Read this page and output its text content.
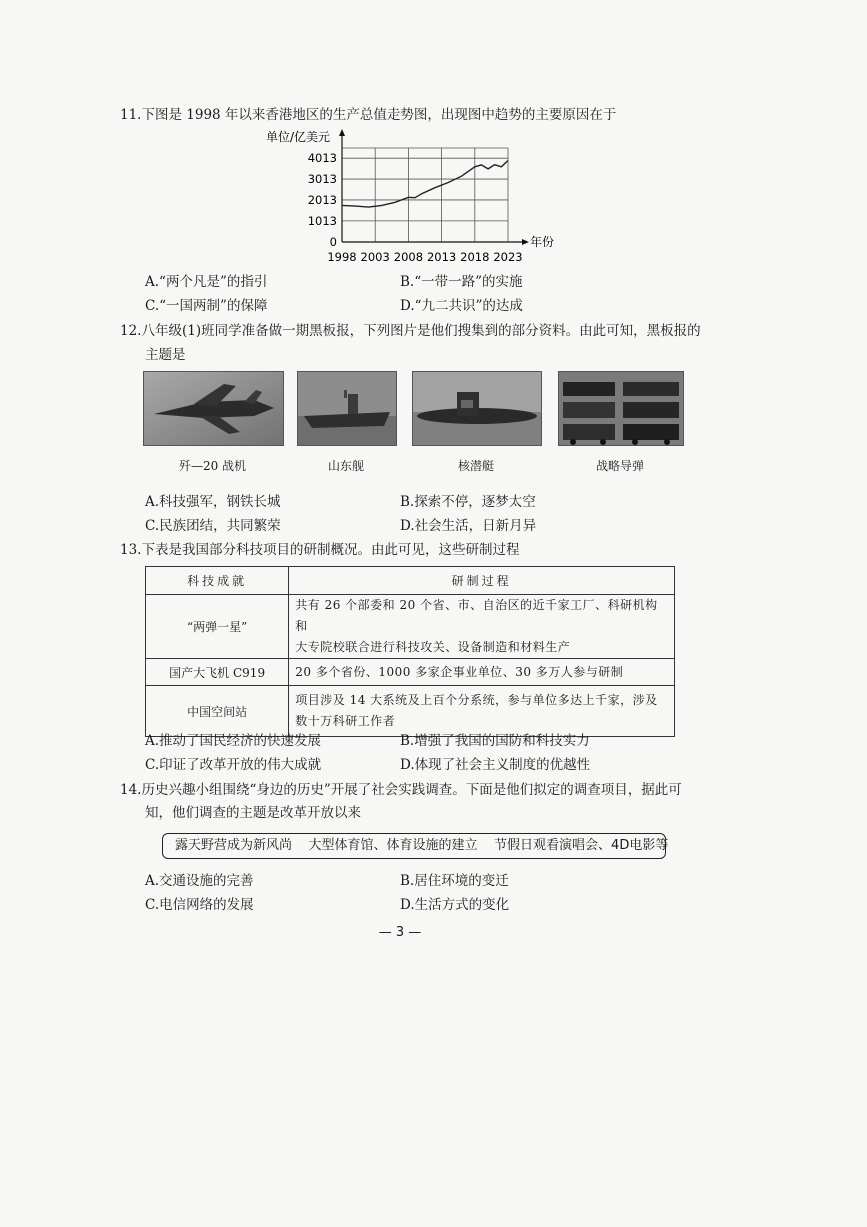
11.下图是 1998 年以来香港地区的生产总值走势图，出现图中趋势的主要原因在于
0
1013
2013
3013
4013
1998 2003 2008 2013 2018 2023
单位/亿美元
年份
A.“两个凡是”的指引	B.“一带一路”的实施
C.“一国两制”的保障	D.“九二共识”的达成
12.八年级(1)班同学准备做一期黑板报，下列图片是他们搜集到的部分资料。由此可知，黑板报的
主题是
歼—20 战机	山东舰	核潜艇	战略导弹
A.科技强军，钢铁长城	B.探索不停，逐梦太空
C.民族团结，共同繁荣	D.社会生活，日新月异
13.下表是我国部分科技项目的研制概况。由此可见，这些研制过程
科技成就	研制过程
“两弹一星”	共有 26 个部委和 20 个省、市、自治区的近千家工厂、科研机构和
大专院校联合进行科技攻关、设备制造和材料生产

国产大飞机 C919	20 多个省份、1000 多家企事业单位、30 多万人参与研制

中国空间站	项目涉及 14 大系统及上百个分系统，参与单位多达上千家，涉及
数十万科研工作者
A.推动了国民经济的快速发展	B.增强了我国的国防和科技实力
C.印证了改革开放的伟大成就	D.体现了社会主义制度的优越性
14.历史兴趣小组围绕“身边的历史”开展了社会实践调查。下面是他们拟定的调查项目，据此可
知，他们调查的主题是改革开放以来
露天野营成为新风尚    大型体育馆、体育设施的建立    节假日观看演唱会、4D电影等
A.交通设施的完善	B.居住环境的变迁
C.电信网络的发展	D.生活方式的变化
— 3 —
